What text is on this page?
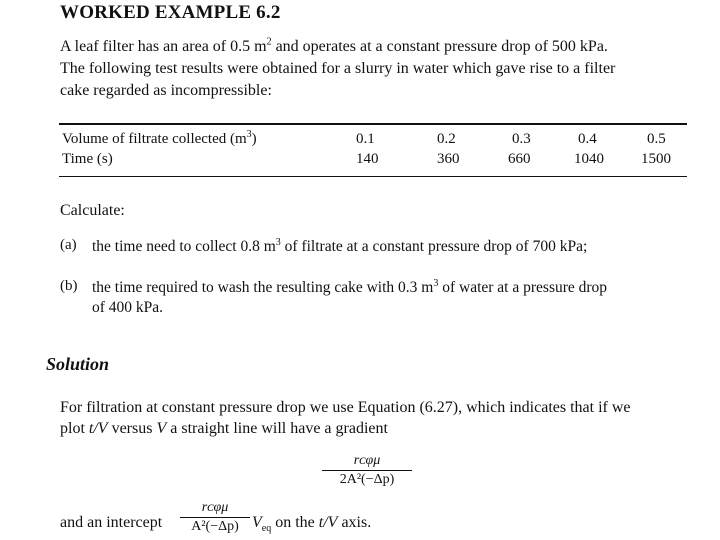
WORKED EXAMPLE 6.2
A leaf filter has an area of 0.5 $m^2$ and operates at a constant pressure drop of 500 kPa.
The following test results were obtained for a slurry in water which gave rise to a filter
cake regarded as incompressible:
Volume of filtrate collected $(m^3)$	0.1	0.2	0.3	0.4	0.5
Time (s)	140	360	660	1040 1500
Calculate:
(a) the time need to collect 0.8 $m^3$ of filtrate at a constant pressure drop of 700 kPa;
(b) the time required to wash the resulting cake with 0.3 $m^3$ of water at a pressure drop
of 400 kPa.
Solution
For filtration at constant pressure drop we use Equation (6.27), which indicates that if we
plot t/V versus V a straight line will have a gradient
rᴄφμ
2A²(−Δp)
and an intercept
rᴄφμ
A²(−Δp) $V_{eq}$ on the t/V axis.
